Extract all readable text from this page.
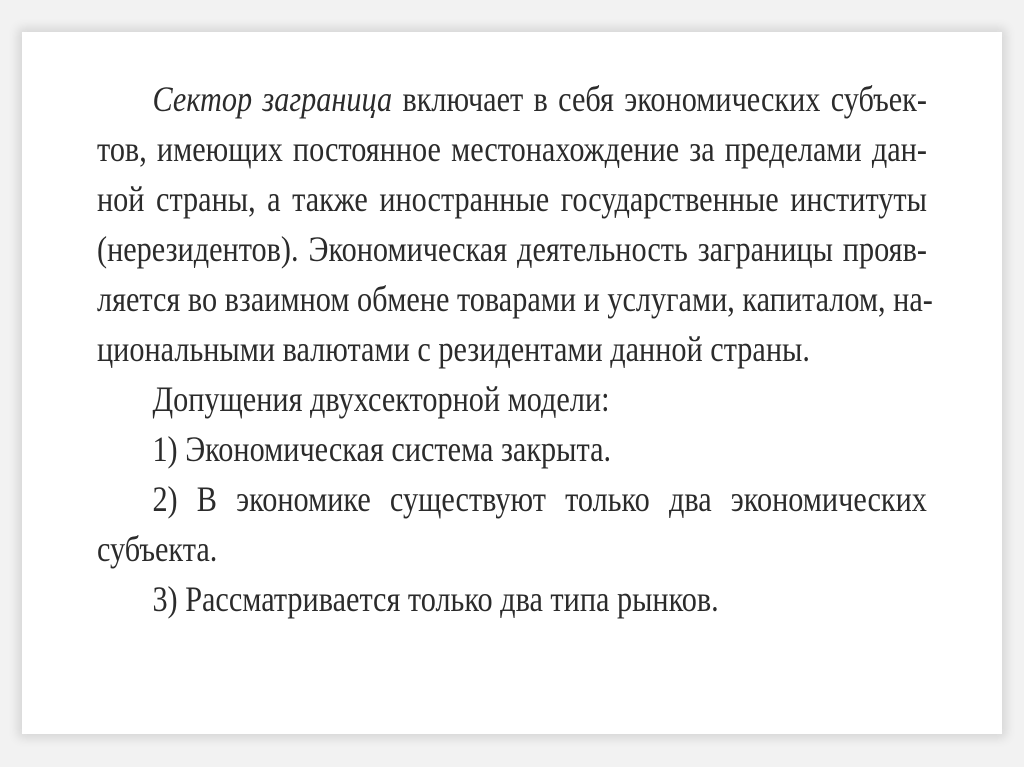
Сектор заграница включает в себя экономических субъек-
тов, имеющих постоянное местонахождение за пределами дан-
ной страны, а также иностранные государственные институты
(нерезидентов). Экономическая деятельность заграницы прояв-
ляется во взаимном обмене товарами и услугами, капиталом, на-
циональными валютами с резидентами данной страны.
Допущения двухсекторной модели:
1) Экономическая система закрыта.
2) В экономике существуют только два экономических
субъекта.
3) Рассматривается только два типа рынков.
